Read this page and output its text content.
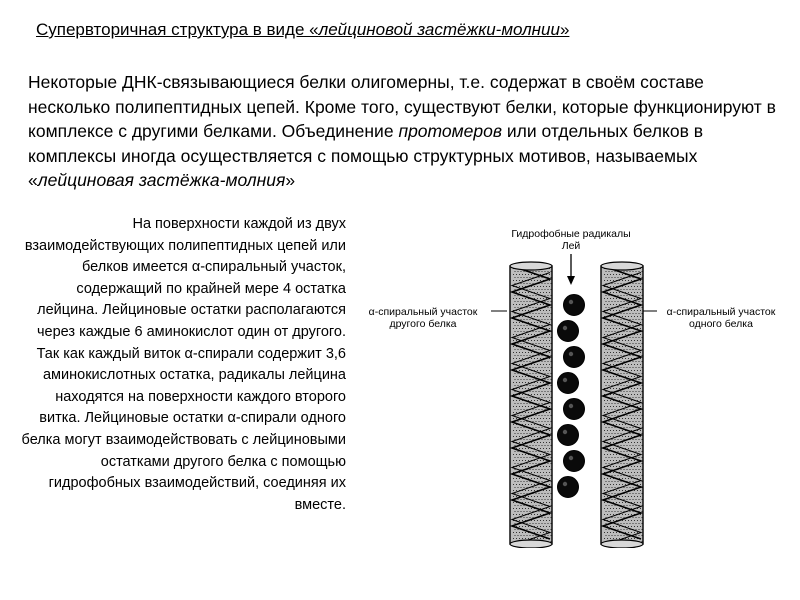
Супервторичная структура в виде «лейциновой застёжки-молнии»
Некоторые ДНК-связывающиеся белки олигомерны, т.е. содержат в своём составе несколько полипептидных цепей. Кроме того, существуют белки, которые функционируют в комплексе с другими белками. Объединение протомеров или отдельных белков в комплексы иногда осуществляется с помощью структурных мотивов, называемых «лейциновая застёжка-молния»
На поверхности каждой из двух взаимодействующих полипептидных цепей или белков имеется α-спиральный участок, содержащий по крайней мере 4 остатка лейцина. Лейциновые остатки располагаются через каждые 6 аминокислот один от другого. Так как каждый виток α-спирали содержит 3,6 аминокислотных остатка, радикалы лейцина находятся на поверхности каждого второго витка. Лейциновые остатки α-спирали одного белка могут взаимодействовать с лейциновыми остатками другого белка с помощью гидрофобных взаимодействий, соединяя их вместе.
Гидрофобные радикалы
Лей
α-спиральный участок
другого белка
α-спиральный участок
одного белка
